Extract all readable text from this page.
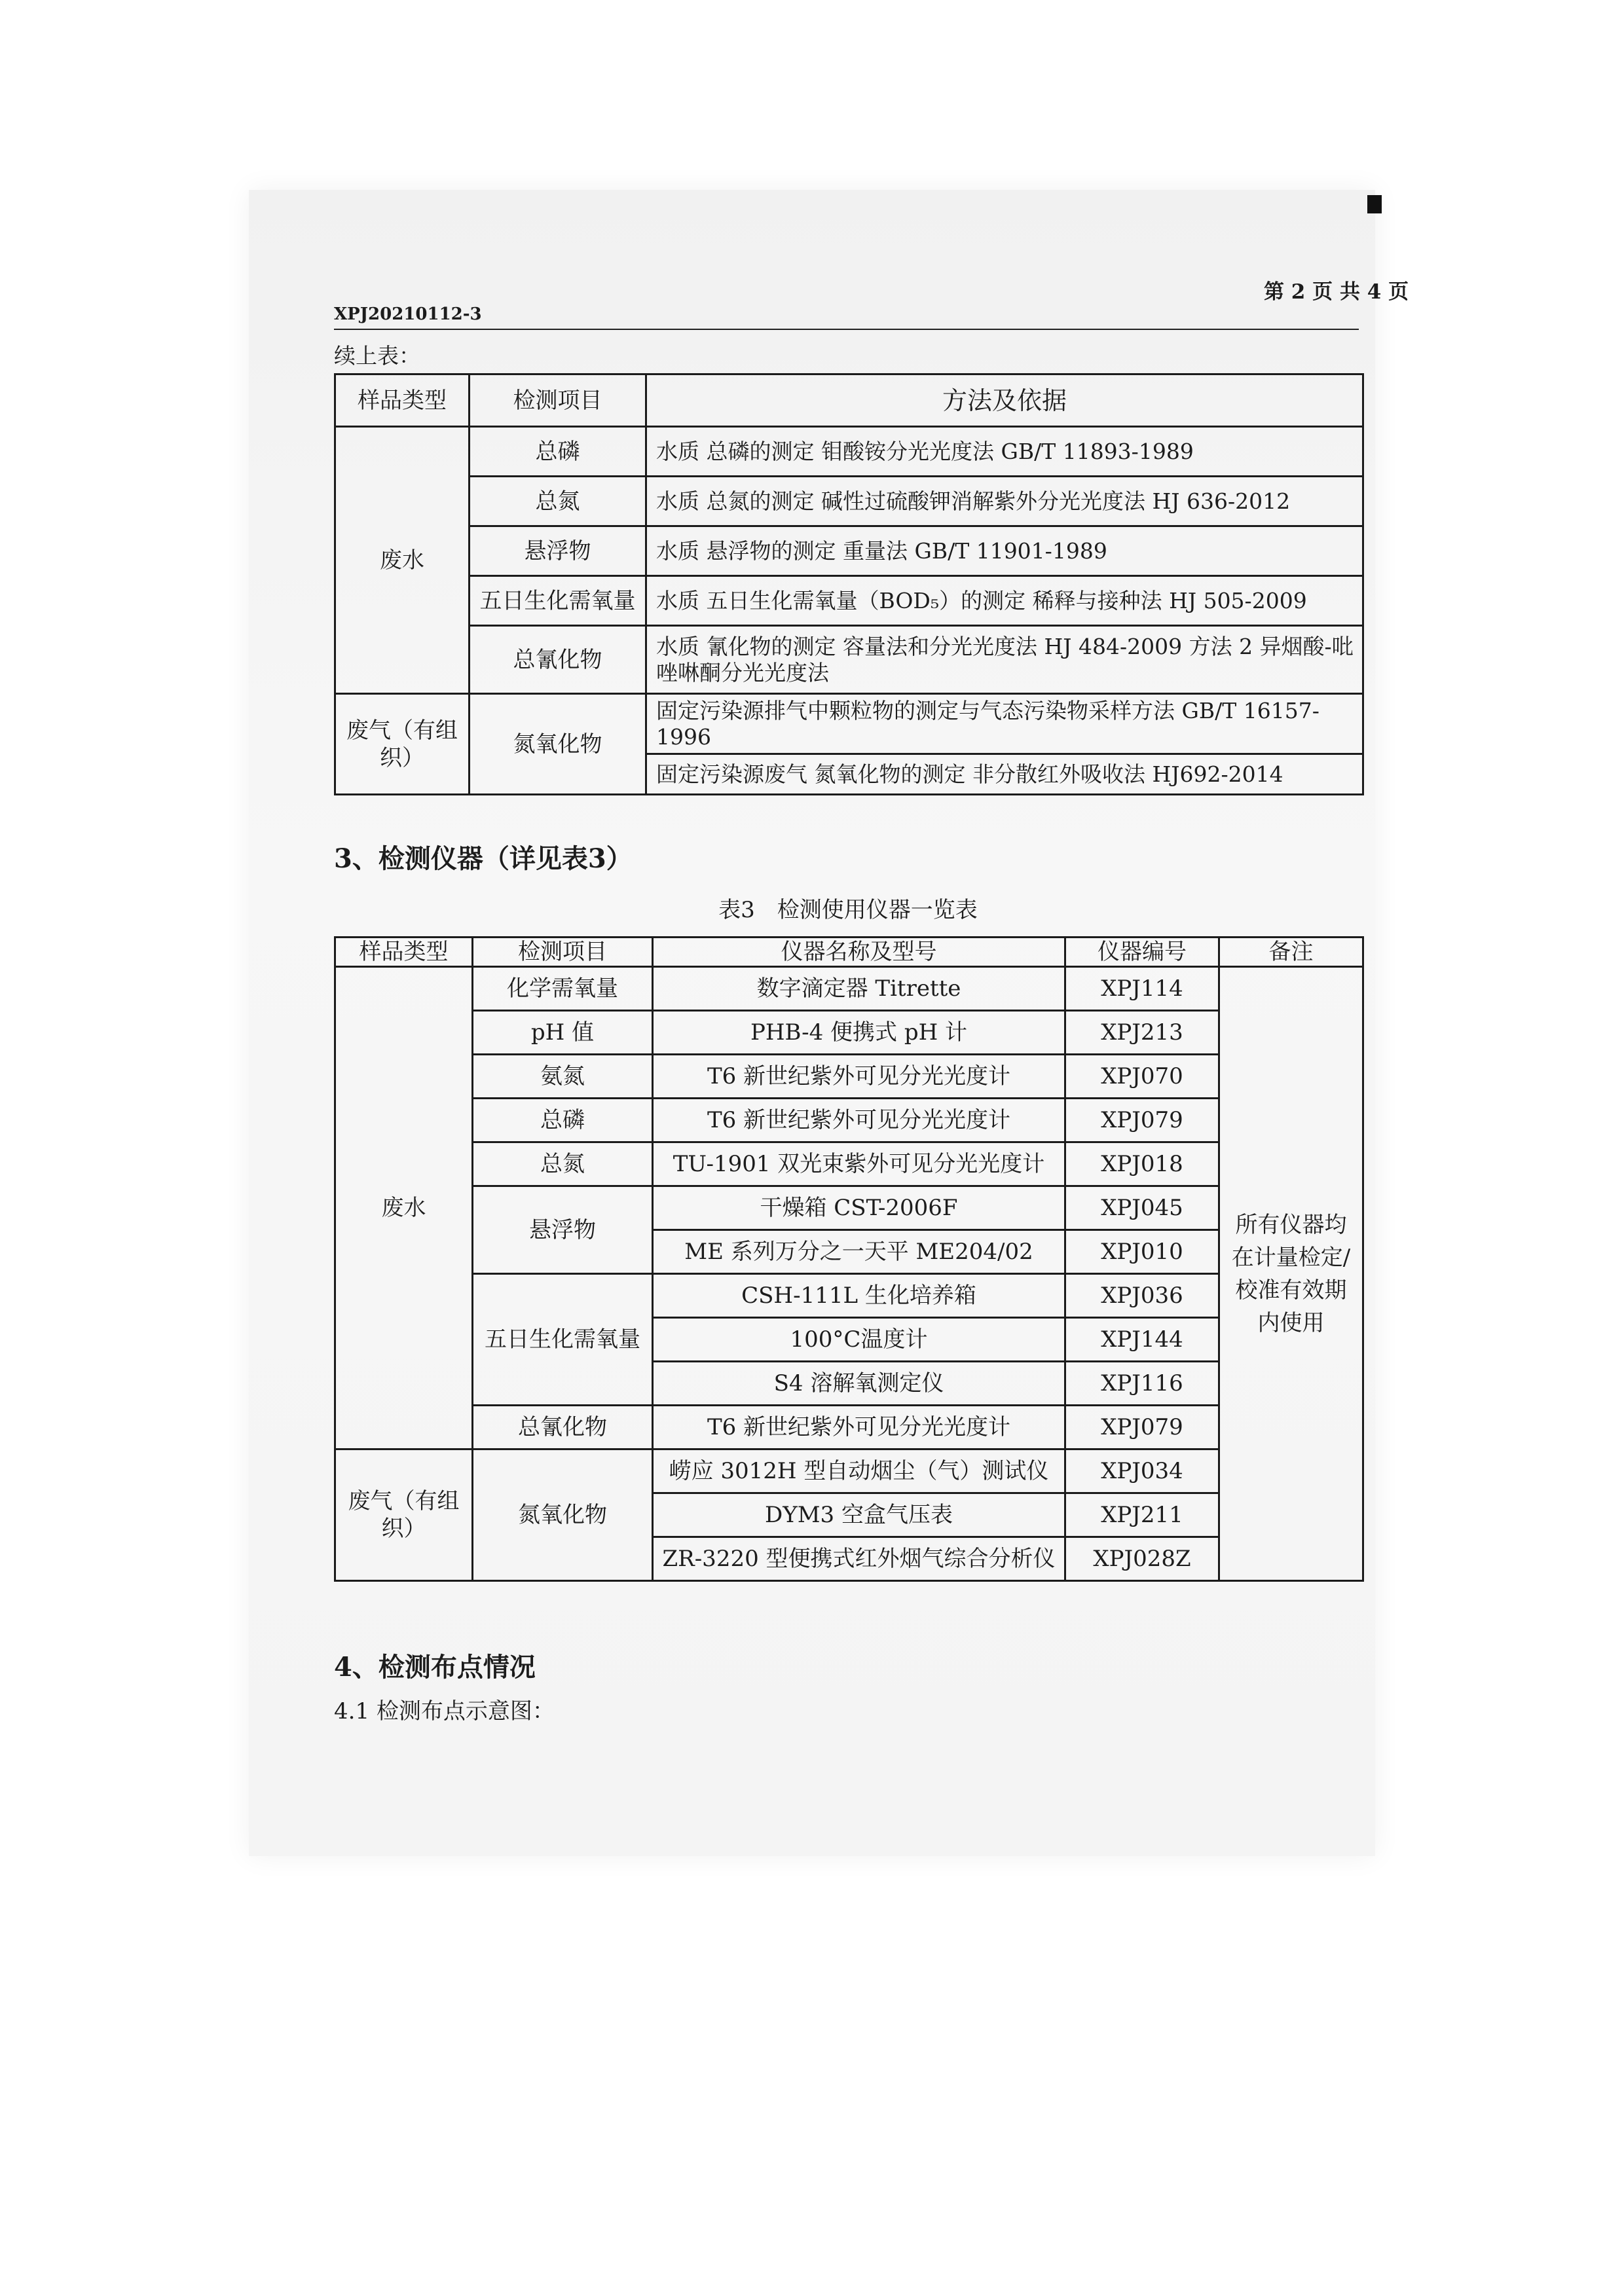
第 2 页 共 4 页
XPJ20210112-3
续上表：
样品类型	检测项目	方法及依据
废水	总磷	水质 总磷的测定 钼酸铵分光光度法 GB/T 11893-1989
	总氮	水质 总氮的测定 碱性过硫酸钾消解紫外分光光度法 HJ 636-2012
	悬浮物	水质 悬浮物的测定 重量法 GB/T 11901-1989
	五日生化需氧量	水质 五日生化需氧量（BOD₅）的测定 稀释与接种法 HJ 505-2009
	总氰化物	水质 氰化物的测定 容量法和分光光度法 HJ 484-2009 方法 2 异烟酸-吡唑啉酮分光光度法
废气（有组织）	氮氧化物	固定污染源排气中颗粒物的测定与气态污染物采样方法 GB/T 16157-1996
		固定污染源废气 氮氧化物的测定 非分散红外吸收法 HJ692-2014
3、检测仪器（详见表3）
表3　检测使用仪器一览表
样品类型	检测项目	仪器名称及型号	仪器编号	备注
废水	化学需氧量	数字滴定器 Titrette	XPJ114	所有仪器均在计量检定/校准有效期内使用
	pH 值	PHB-4 便携式 pH 计	XPJ213	
	氨氮	T6 新世纪紫外可见分光光度计	XPJ070	
	总磷	T6 新世纪紫外可见分光光度计	XPJ079	
	总氮	TU-1901 双光束紫外可见分光光度计	XPJ018	
	悬浮物	干燥箱 CST-2006F	XPJ045	
		ME 系列万分之一天平 ME204/02	XPJ010	
	五日生化需氧量	CSH-111L 生化培养箱	XPJ036	
		100°C温度计	XPJ144	
		S4 溶解氧测定仪	XPJ116	
	总氰化物	T6 新世纪紫外可见分光光度计	XPJ079	
废气（有组织）	氮氧化物	崂应 3012H 型自动烟尘（气）测试仪	XPJ034	
		DYM3 空盒气压表	XPJ211	
		ZR-3220 型便携式红外烟气综合分析仪	XPJ028Z	
4、检测布点情况
4.1 检测布点示意图：
